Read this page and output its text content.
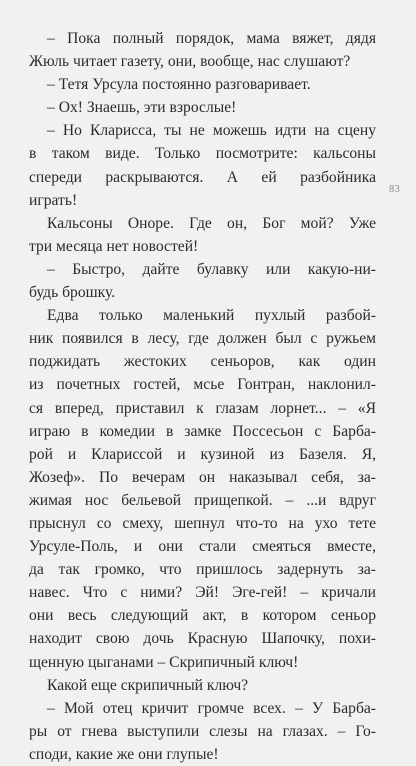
– Пока полный порядок, мама вяжет, дядя
Жюль читает газету, они, вообще, нас слушают?
– Тетя Урсула постоянно разговаривает.
– Ох! Знаешь, эти взрослые!
– Но Кларисса, ты не можешь идти на сцену
в таком виде. Только посмотрите: кальсоны
спереди раскрываются. А ей разбойника
играть!
Кальсоны Оноре. Где он, Бог мой? Уже
три месяца нет новостей!
– Быстро, дайте булавку или какую-ни-
будь брошку.
Едва только маленький пухлый разбой-
ник появился в лесу, где должен был с ружьем
поджидать жестоких сеньоров, как один
из почетных гостей, мсье Гонтран, наклонил-
ся вперед, приставил к глазам лорнет... – «Я
играю в комедии в замке Поссесьон с Барба-
рой и Клариссой и кузиной из Базеля. Я,
Жозеф». По вечерам он наказывал себя, за-
жимая нос бельевой прищепкой. – ...и вдруг
прыснул со смеху, шепнул что-то на ухо тете
Урсуле-Поль, и они стали смеяться вместе,
да так громко, что пришлось задернуть за-
навес. Что с ними? Эй! Эге-гей! – кричали
они весь следующий акт, в котором сеньор
находит свою дочь Красную Шапочку, похи-
щенную цыганами – Скрипичный ключ!
Какой еще скрипичный ключ?
– Мой отец кричит громче всех. – У Барба-
ры от гнева выступили слезы на глазах. – Го-
споди, какие же они глупые!
83
